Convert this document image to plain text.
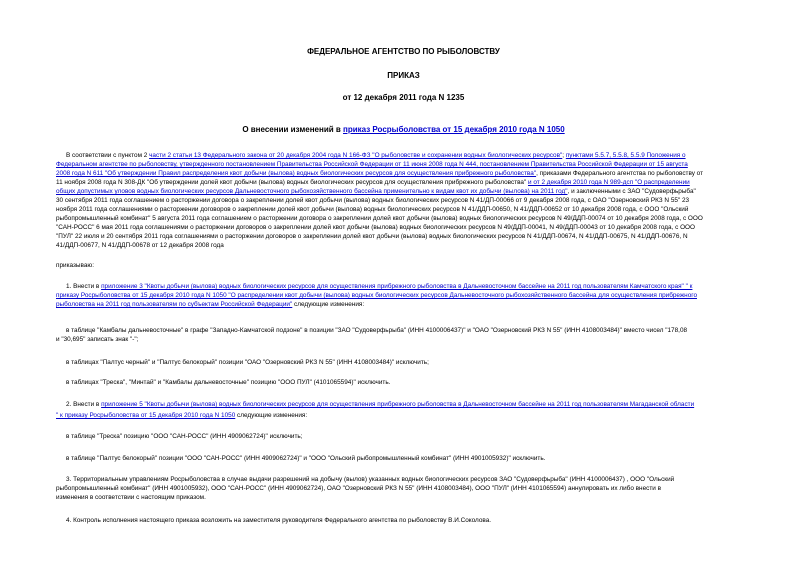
ФЕДЕРАЛЬНОЕ АГЕНТСТВО ПО РЫБОЛОВСТВУ
ПРИКАЗ
от 12 декабря 2011 года N 1235
О внесении изменений в приказ Росрыболовства от 15 декабря 2010 года N 1050
В соответствии с пунктом 2 части 2 статьи 13 Федерального закона от 20 декабря 2004 года N 166-ФЗ "О рыболовстве и сохранении водных биологических ресурсов"; пунктами 5.5.7, 5.5.8, 5.5.9 Положения о
Федеральном агентстве по рыболовству, утвержденного постановлением Правительства Российской Федерации от 11 июня 2008 года N 444, постановлением Правительства Российской Федерации от 15 августа
2008 года N 611 "Об утверждении Правил распределения квот добычи (вылова) водных биологических ресурсов для осуществления прибрежного рыболовства", приказами Федерального агентства по рыболовству от
11 ноября 2008 года N 308-ДК "Об утверждении долей квот добычи (вылова) водных биологических ресурсов для осуществления прибрежного рыболовства" и от 2 декабря 2010 года N 989-дсп "О распределении
общих допустимых уловов водных биологических ресурсов Дальневосточного рыбохозяйственного бассейна применительно к видам квот их добычи (вылова) на 2011 год", и заключенными с ЗАО "Судоверфьрыба"
30 сентября 2011 года соглашением о расторжении договора о закреплении долей квот добычи (вылова) водных биологических ресурсов N 41/ДП-00066 от 9 декабря 2008 года, с ОАО "Озерновский РКЗ N 55" 23
ноября 2011 года соглашениями о расторжении договоров о закреплении долей квот добычи (вылова) водных биологических ресурсов N 41/ДДП-00650, N 41/ДДП-00652 от 10 декабря 2008 года, с ООО "Ольский
рыбопромышленный комбинат" 5 августа 2011 года соглашением о расторжении договора о закреплении долей квот добычи (вылова) водных биологических ресурсов N 49/ДДП-00074 от 10 декабря 2008 года, с ООО
"САН-РОСС" 6 мая 2011 года соглашениями о расторжении договоров о закреплении долей квот добычи (вылова) водных биологических ресурсов N 49/ДДП-00041, N 49/ДДП-00043 от 10 декабря 2008 года, с ООО
"ПУЛ" 22 июля и 20 сентября 2011 года соглашениями о расторжении договоров о закреплении долей квот добычи (вылова) водных биологических ресурсов N 41/ДДП-00674, N 41/ДДП-00675, N 41/ДДП-00676, N
41/ДДП-00677, N 41/ДДП-00678 от 12 декабря 2008 года
приказываю:
1. Внести в приложение 3 "Квоты добычи (вылова) водных биологических ресурсов для осуществления прибрежного рыболовства в Дальневосточном бассейне на 2011 год пользователям Камчатского края" " к
приказу Росрыболовства от 15 декабря 2010 года N 1050 "О распределении квот добычи (вылова) водных биологических ресурсов Дальневосточного рыбохозяйственного бассейна для осуществления прибрежного
рыболовства на 2011 год пользователям по субъектам Российской Федерации" следующие изменения:
в таблице "Камбалы дальневосточные" в графе "Западно-Камчатской подзоне" в позиции "ЗАО "Судоверфьрыба" (ИНН 4100006437)" и "ОАО "Озерновский РКЗ N 55" (ИНН 4108003484)" вместо чисел "178,08
и "30,695" записать знак "-";
в таблицах "Палтус черный" и "Палтус белокорый" позиции "ОАО "Озерновский РКЗ N 55" (ИНН 4108003484)" исключить;
в таблицах "Треска", "Минтай" и "Камбалы дальневосточные" позицию "ООО ПУЛ" (4101065594)" исключить.
2. Внести в приложение 5 "Квоты добычи (вылова) водных биологических ресурсов для осуществления прибрежного рыболовства в Дальневосточном бассейне на 2011 год пользователям Магаданской области
" к приказу Росрыболовства от 15 декабря 2010 года N 1050 следующие изменения:
в таблице "Треска" позицию "ООО "САН-РОСС" (ИНН 4909062724)" исключить;
в таблице "Палтус белокорый" позиции "ООО "САН-РОСС" (ИНН 4909062724)" и "ООО "Ольский рыбопромышленный комбинат" (ИНН 4901005932)" исключить.
3. Территориальным управлениям Росрыболовства в случае выдачи разрешений на добычу (вылов) указанных водных биологических ресурсов ЗАО "Судоверфьрыба" (ИНН 4100006437) , ООО "Ольский
рыбопромышленный комбинат" (ИНН 4901005932), ООО "САН-РОСС" (ИНН 4909062724), ОАО "Озерновский РКЗ N 55" (ИНН 4108003484), ООО "ПУЛ" (ИНН 4101065594) аннулировать их либо внести в
изменения в соответствии с настоящим приказом.
4. Контроль исполнения настоящего приказа возложить на заместителя руководителя Федерального агентства по рыболовству В.И.Соколова.
